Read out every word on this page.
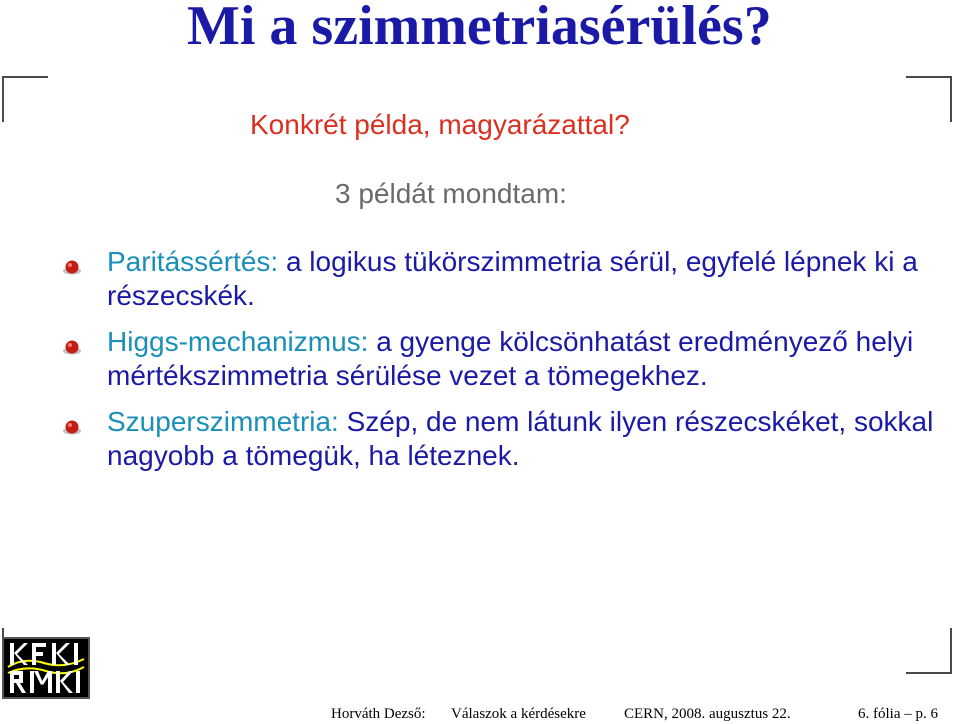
Mi a szimmetriasérülés?
Konkrét példa, magyarázattal?
3 példát mondtam:
Paritássértés: a logikus tükörszimmetria sérül, egyfelé lépnek ki a részecskék.
Higgs-mechanizmus: a gyenge kölcsönhatást eredményező helyi mértékszimmetria sérülése vezet a tömegekhez.
Szuperszimmetria: Szép, de nem látunk ilyen részecskéket, sokkal nagyobb a tömegük, ha léteznek.
Horváth Dezső: Válaszok a kérdésekre	CERN, 2008. augusztus 22.	6. fólia – p. 6
